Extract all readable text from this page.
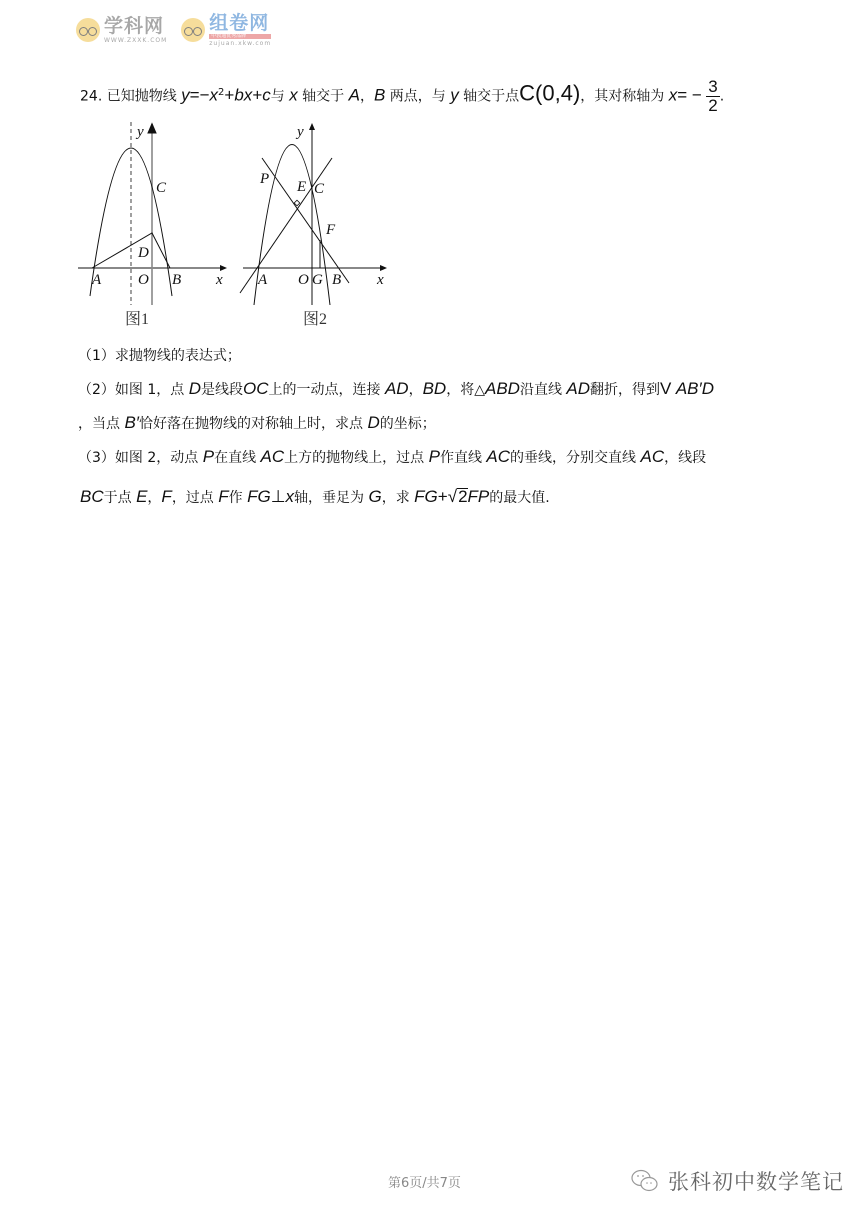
学科网
WWW.ZXXK.COM
组卷网
中教通优秀品牌
zujuan.xkw.com
24. 已知抛物线 $y=-x^2+bx+c$与 x 轴交于 A，B 两点，与 y 轴交于点C(0,4)，其对称轴为 $x= - \frac{3}{2}$ .
y
C
D
A O B x
图1
y
P E C
F
A O G B x
图2
（1）求抛物线的表达式；
（2）如图 1，点 D是线段OC上的一动点，连接 AD，BD，将△ABD沿直线 AD翻折，得到V AB′D
，当点 B′恰好落在抛物线的对称轴上时，求点 D的坐标；
（3）如图 2，动点 P在直线 AC上方的抛物线上，过点 P作直线 AC的垂线，分别交直线 AC，线段
BC于点 E，F，过点 F作 FG⊥x轴，垂足为 G，求 FG+√2FP的最大值.
第6页/共7页	张科初中数学笔记
